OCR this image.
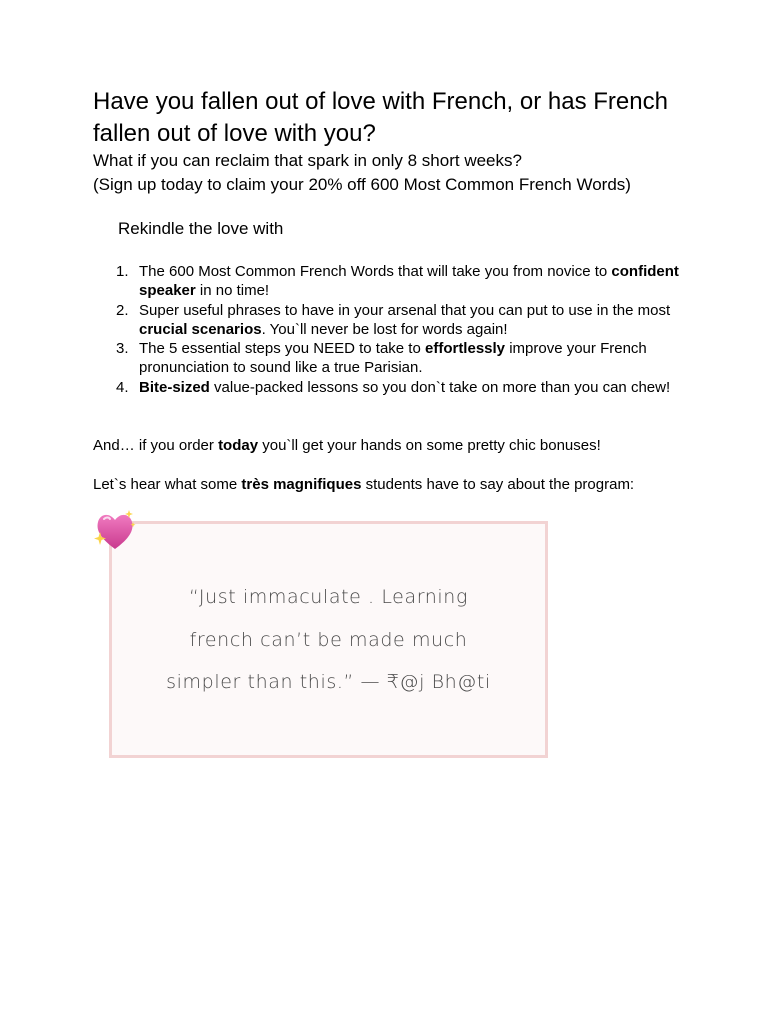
Have you fallen out of love with French, or has French fallen out of love with you?

What if you can reclaim that spark in only 8 short weeks?

(Sign up today to claim your 20% off 600 Most Common French Words)

Rekindle the love with

1. The 600 Most Common French Words that will take you from novice to confident speaker in no time!
2. Super useful phrases to have in your arsenal that you can put to use in the most crucial scenarios. You`ll never be lost for words again!
3. The 5 essential steps you NEED to take to effortlessly improve your French pronunciation to sound like a true Parisian.
4. Bite-sized value-packed lessons so you don`t take on more than you can chew!

And… if you order today you`ll get your hands on some pretty chic bonuses!

Let`s hear what some très magnifiques students have to say about the program:

“Just immaculate . Learning
french can’t be made much
simpler than this.” — ₹@j Bh@ti
